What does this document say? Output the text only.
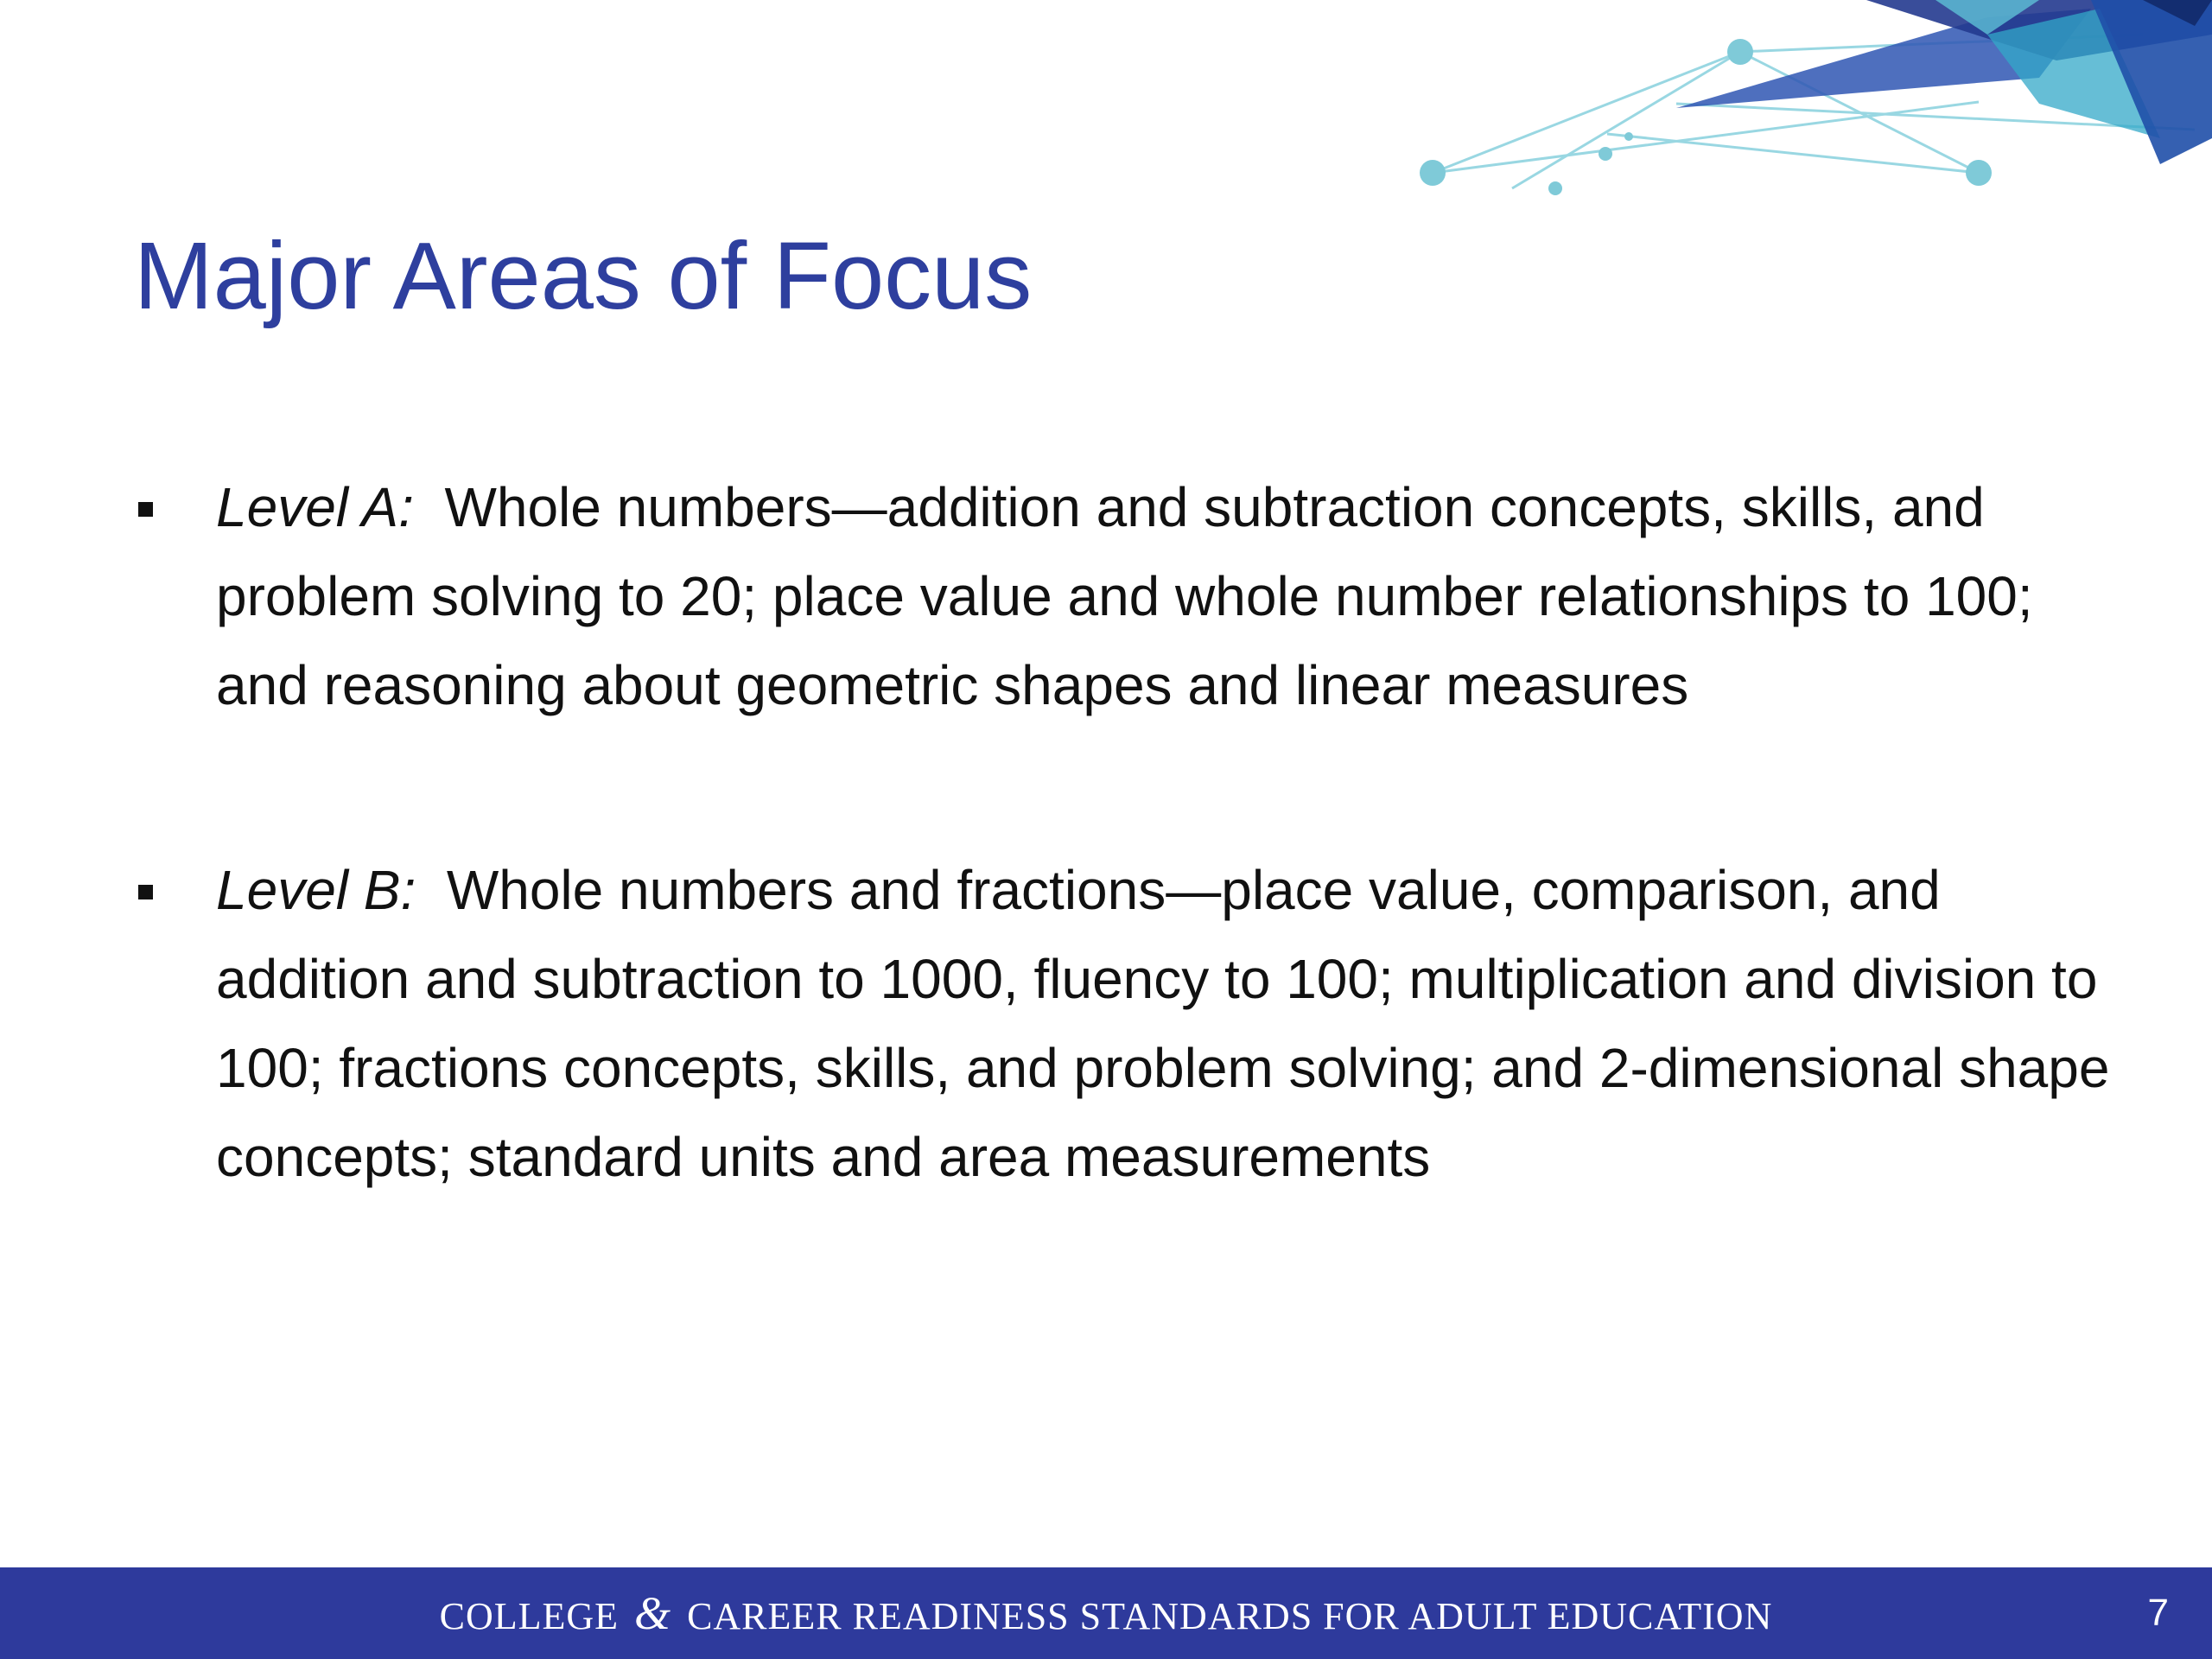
Major Areas of Focus
Level A: Whole numbers—addition and subtraction concepts, skills, and problem solving to 20; place value and whole number relationships to 100; and reasoning about geometric shapes and linear measures
Level B: Whole numbers and fractions—place value, comparison, and addition and subtraction to 1000, fluency to 100; multiplication and division to 100; fractions concepts, skills, and problem solving; and 2-dimensional shape concepts; standard units and area measurements
COLLEGE & CAREER READINESS STANDARDS FOR ADULT EDUCATION	7
